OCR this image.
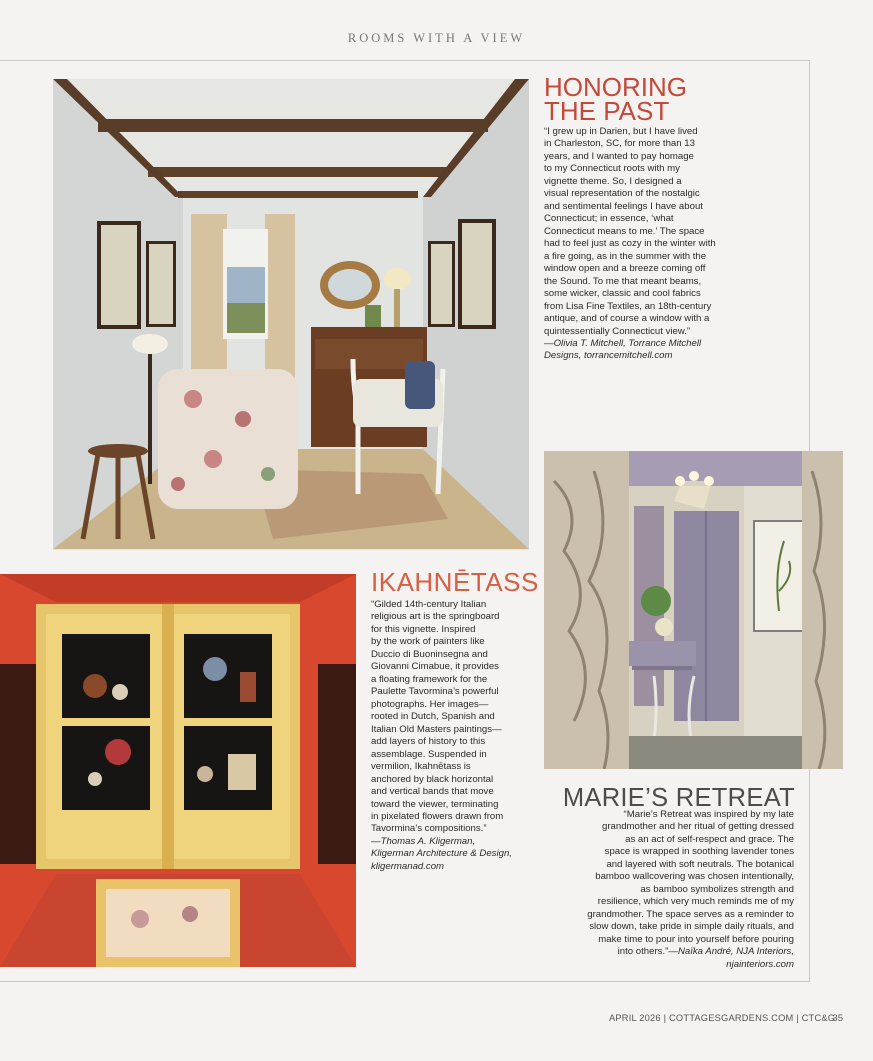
ROOMS WITH A VIEW
HONORING
THE PAST
“I grew up in Darien, but I have lived
in Charleston, SC, for more than 13
years, and I wanted to pay homage
to my Connecticut roots with my
vignette theme. So, I designed a
visual representation of the nostalgic
and sentimental feelings I have about
Connecticut; in essence, ‘what
Connecticut means to me.’ The space
had to feel just as cozy in the winter with
a fire going, as in the summer with the
window open and a breeze coming off
the Sound. To me that meant beams,
some wicker, classic and cool fabrics
from Lisa Fine Textiles, an 18th-century
antique, and of course a window with a
quintessentially Connecticut view.”
—Olivia T. Mitchell, Torrance Mitchell
Designs, torrancemitchell.com
IKAHNĒTASS
“Gilded 14th-century Italian
religious art is the springboard
for this vignette. Inspired
by the work of painters like
Duccio di Buoninsegna and
Giovanni Cimabue, it provides
a floating framework for the
Paulette Tavormina’s powerful
photographs. Her images—
rooted in Dutch, Spanish and
Italian Old Masters paintings—
add layers of history to this
assemblage. Suspended in
vermilion, Ikahnētass is
anchored by black horizontal
and vertical bands that move
toward the viewer, terminating
in pixelated flowers drawn from
Tavormina’s compositions.”
—Thomas A. Kligerman,
Kligerman Architecture & Design,
kligermanad.com
MARIE’S RETREAT
“Marie’s Retreat was inspired by my late
grandmother and her ritual of getting dressed
as an act of self-respect and grace. The
space is wrapped in soothing lavender tones
and layered with soft neutrals. The botanical
bamboo wallcovering was chosen intentionally,
as bamboo symbolizes strength and
resilience, which very much reminds me of my
grandmother. The space serves as a reminder to
slow down, take pride in simple daily rituals, and
make time to pour into yourself before pouring
into others.”—Naïka André, NJA Interiors,
njainteriors.com
APRIL 2026 | COTTAGESGARDENS.COM | CTC&G
35
